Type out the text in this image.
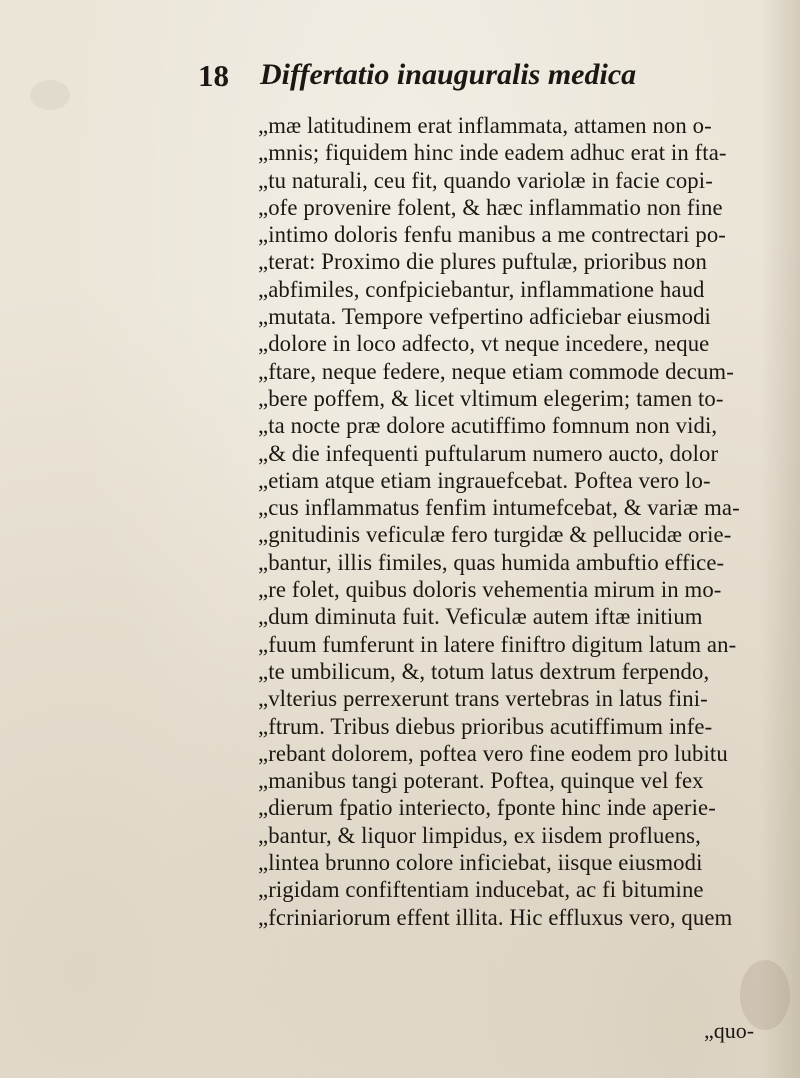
18 Differtatio inauguralis medica
„mæ latitudinem erat inflammata, attamen non o-
„mnis; fiquidem hinc inde eadem adhuc erat in fta-
„tu naturali, ceu fit, quando variolæ in facie copi-
„ofe provenire folent, & hæc inflammatio non fine
„intimo doloris fenfu manibus a me contrectari po-
„terat: Proximo die plures puftulæ, prioribus non
„abfimiles, confpiciebantur, inflammatione haud
„mutata. Tempore vefpertino adficiebar eiusmodi
„dolore in loco adfecto, vt neque incedere, neque
„ftare, neque federe, neque etiam commode decum-
„bere poffem, & licet vltimum elegerim; tamen to-
„ta nocte præ dolore acutiffimo fomnum non vidi,
„& die infequenti puftularum numero aucto, dolor
„etiam atque etiam ingrauefcebat. Poftea vero lo-
„cus inflammatus fenfim intumefcebat, & variæ ma-
„gnitudinis veficulæ fero turgidæ & pellucidæ orie-
„bantur, illis fimiles, quas humida ambuftio effice-
„re folet, quibus doloris vehementia mirum in mo-
„dum diminuta fuit. Veficulæ autem iftæ initium
„fuum fumferunt in latere finiftro digitum latum an-
„te umbilicum, &, totum latus dextrum ferpendo,
„vlterius perrexerunt trans vertebras in latus fini-
„ftrum. Tribus diebus prioribus acutiffimum infe-
„rebant dolorem, poftea vero fine eodem pro lubitu
„manibus tangi poterant. Poftea, quinque vel fex
„dierum fpatio interiecto, fponte hinc inde aperie-
„bantur, & liquor limpidus, ex iisdem profluens,
„lintea brunno colore inficiebat, iisque eiusmodi
„rigidam confiftentiam inducebat, ac fi bitumine
„fcriniariorum effent illita. Hic effluxus vero, quem
„quo-
